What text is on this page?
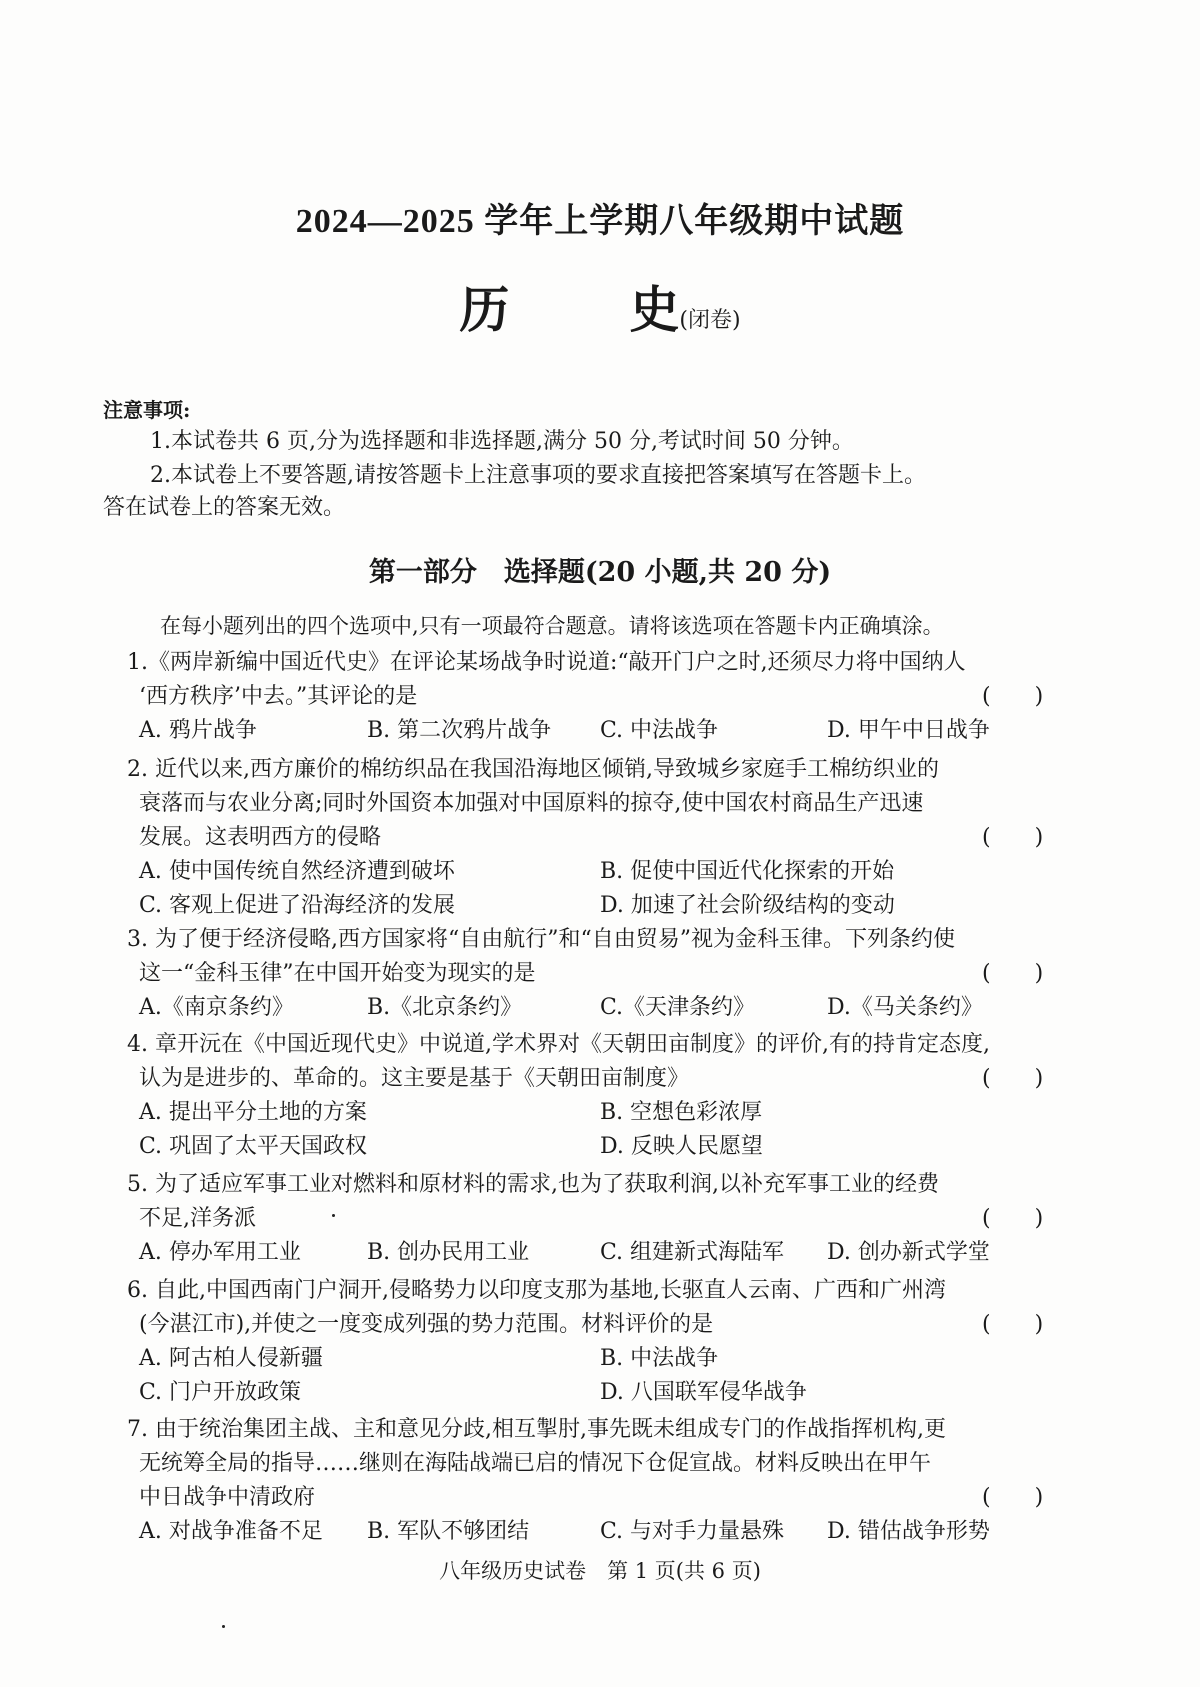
2024—2025 学年上学期八年级期中试题
历 史(闭卷)
注意事项:
1.本试卷共 6 页,分为选择题和非选择题,满分 50 分,考试时间 50 分钟。
2.本试卷上不要答题,请按答题卡上注意事项的要求直接把答案填写在答题卡上。
答在试卷上的答案无效。
第一部分　选择题(20 小题,共 20 分)
在每小题列出的四个选项中,只有一项最符合题意。请将该选项在答题卡内正确填涂。
1.《两岸新编中国近代史》在评论某场战争时说道:“敲开门户之时,还须尽力将中国纳人
‘西方秩序’中去。”其评论的是	(　　)
A. 鸦片战争	B. 第二次鸦片战争 C. 中法战争	D. 甲午中日战争
2. 近代以来,西方廉价的棉纺织品在我国沿海地区倾销,导致城乡家庭手工棉纺织业的
衰落而与农业分离;同时外国资本加强对中国原料的掠夺,使中国农村商品生产迅速
发展。这表明西方的侵略	(　　)
A. 使中国传统自然经济遭到破坏	B. 促使中国近代化探索的开始
C. 客观上促进了沿海经济的发展	D. 加速了社会阶级结构的变动
3. 为了便于经济侵略,西方国家将“自由航行”和“自由贸易”视为金科玉律。下列条约使
这一“金科玉律”在中国开始变为现实的是	(　　)
A.《南京条约》	B.《北京条约》	C.《天津条约》	D.《马关条约》
4. 章开沅在《中国近现代史》中说道,学术界对《天朝田亩制度》的评价,有的持肯定态度,
认为是进步的、革命的。这主要是基于《天朝田亩制度》	(　　)
A. 提出平分土地的方案	B. 空想色彩浓厚
C. 巩固了太平天国政权	D. 反映人民愿望
5. 为了适应军事工业对燃料和原材料的需求,也为了获取利润,以补充军事工业的经费
不足,洋务派	(　　)
A. 停办军用工业	B. 创办民用工业	C. 组建新式海陆军 D. 创办新式学堂
6. 自此,中国西南门户洞开,侵略势力以印度支那为基地,长驱直人云南、广西和广州湾
(今湛江市),并使之一度变成列强的势力范围。材料评价的是	(　　)
A. 阿古柏人侵新疆	B. 中法战争
C. 门户开放政策	D. 八国联军侵华战争
7. 由于统治集团主战、主和意见分歧,相互掣肘,事先既未组成专门的作战指挥机构,更
无统筹全局的指导……继则在海陆战端已启的情况下仓促宣战。材料反映出在甲午
中日战争中清政府	(　　)
A. 对战争准备不足 B. 军队不够团结	C. 与对手力量悬殊 D. 错估战争形势
八年级历史试卷　第 1 页(共 6 页)
